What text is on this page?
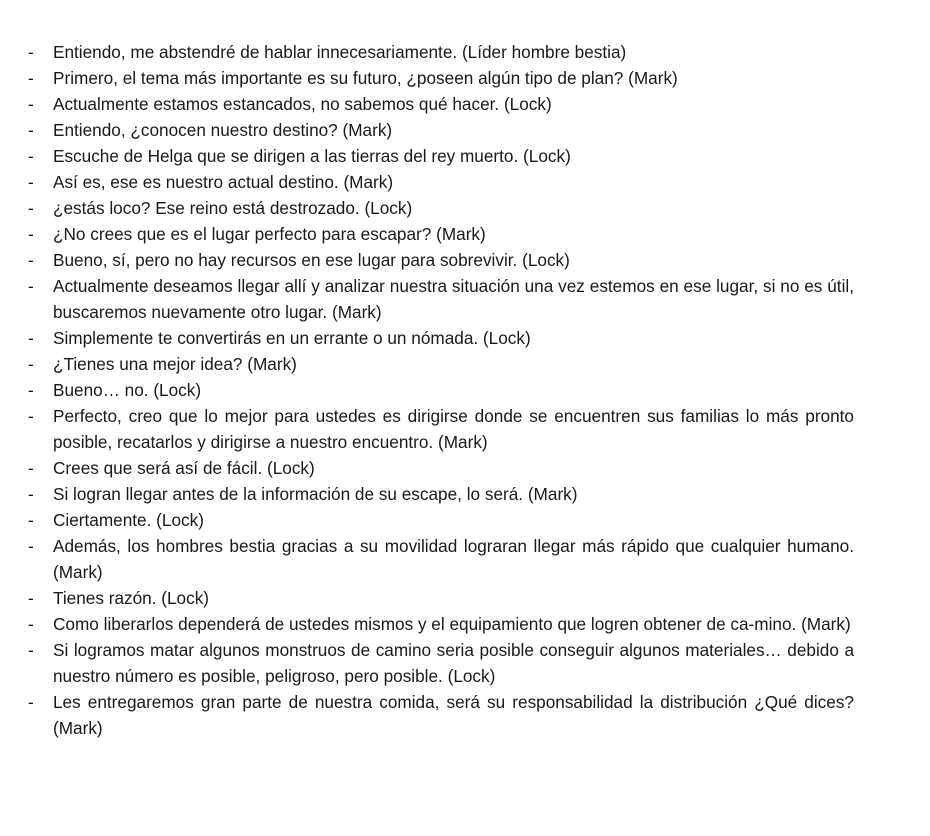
-	Entiendo, me abstendré de hablar innecesariamente. (Líder hombre bestia)
-	Primero, el tema más importante es su futuro, ¿poseen algún tipo de plan? (Mark)
-	Actualmente estamos estancados, no sabemos qué hacer. (Lock)
-	Entiendo, ¿conocen nuestro destino? (Mark)
-	Escuche de Helga que se dirigen a las tierras del rey muerto. (Lock)
-	Así es, ese es nuestro actual destino. (Mark)
-	¿estás loco? Ese reino está destrozado. (Lock)
-	¿No crees que es el lugar perfecto para escapar? (Mark)
-	Bueno, sí, pero no hay recursos en ese lugar para sobrevivir. (Lock)
-	Actualmente deseamos llegar allí y analizar nuestra situación una vez estemos en ese lugar, si no es útil, buscaremos nuevamente otro lugar. (Mark)
-	Simplemente te convertirás en un errante o un nómada. (Lock)
-	¿Tienes una mejor idea? (Mark)
-	Bueno… no. (Lock)
-	Perfecto, creo que lo mejor para ustedes es dirigirse donde se encuentren sus familias lo más pronto posible, recatarlos y dirigirse a nuestro encuentro. (Mark)
-	Crees que será así de fácil. (Lock)
-	Si logran llegar antes de la información de su escape, lo será. (Mark)
-	Ciertamente. (Lock)
-	Además, los hombres bestia gracias a su movilidad lograran llegar más rápido que cualquier humano. (Mark)
-	Tienes razón. (Lock)
-	Como liberarlos dependerá de ustedes mismos y el equipamiento que logren obtener de ca-mino. (Mark)
-	Si logramos matar algunos monstruos de camino seria posible conseguir algunos materiales… debido a nuestro número es posible, peligroso, pero posible. (Lock)
-	Les entregaremos gran parte de nuestra comida, será su responsabilidad la distribución ¿Qué dices? (Mark)
